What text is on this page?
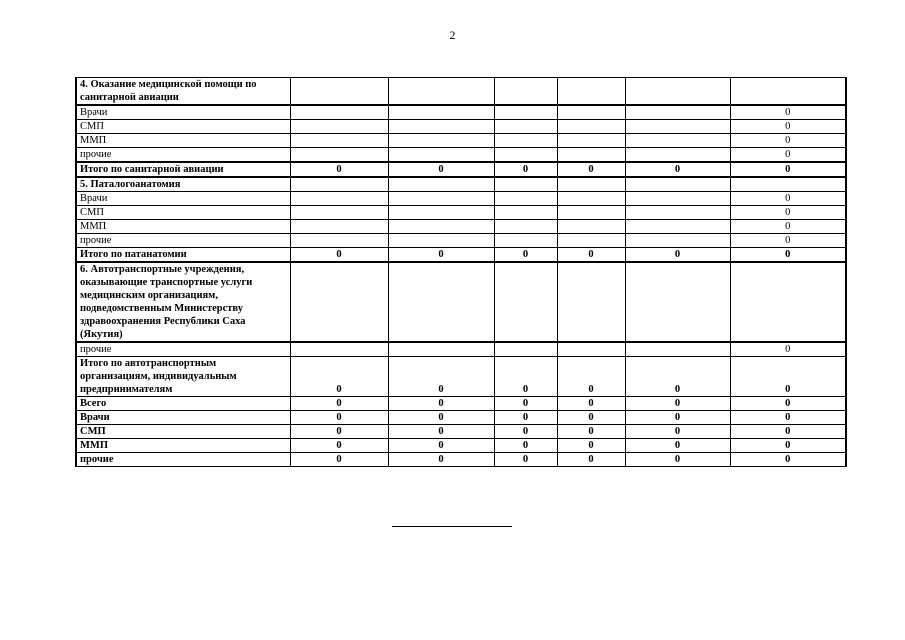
2
4. Оказание медицинской помощи по санитарной авиации						
Врачи						0
СМП						0
ММП						0
прочие						0
Итого по санитарной авиации	0	0	0	0	0	0
5. Паталогоанатомия						
Врачи						0
СМП						0
ММП						0
прочие						0
Итого по патанатомии	0	0	0	0	0	0
6. Автотранспортные учреждения, оказывающие транспортные услуги медицинским организациям, подведомственным Министерству здравоохранения Республики Саха (Якутия)						
прочие						0
Итого по автотранспортным организациям, индивидуальным предпринимателям	0	0	0	0	0	0
Всего	0	0	0	0	0	0
Врачи	0	0	0	0	0	0
СМП	0	0	0	0	0	0
ММП	0	0	0	0	0	0
прочие	0	0	0	0	0	0
